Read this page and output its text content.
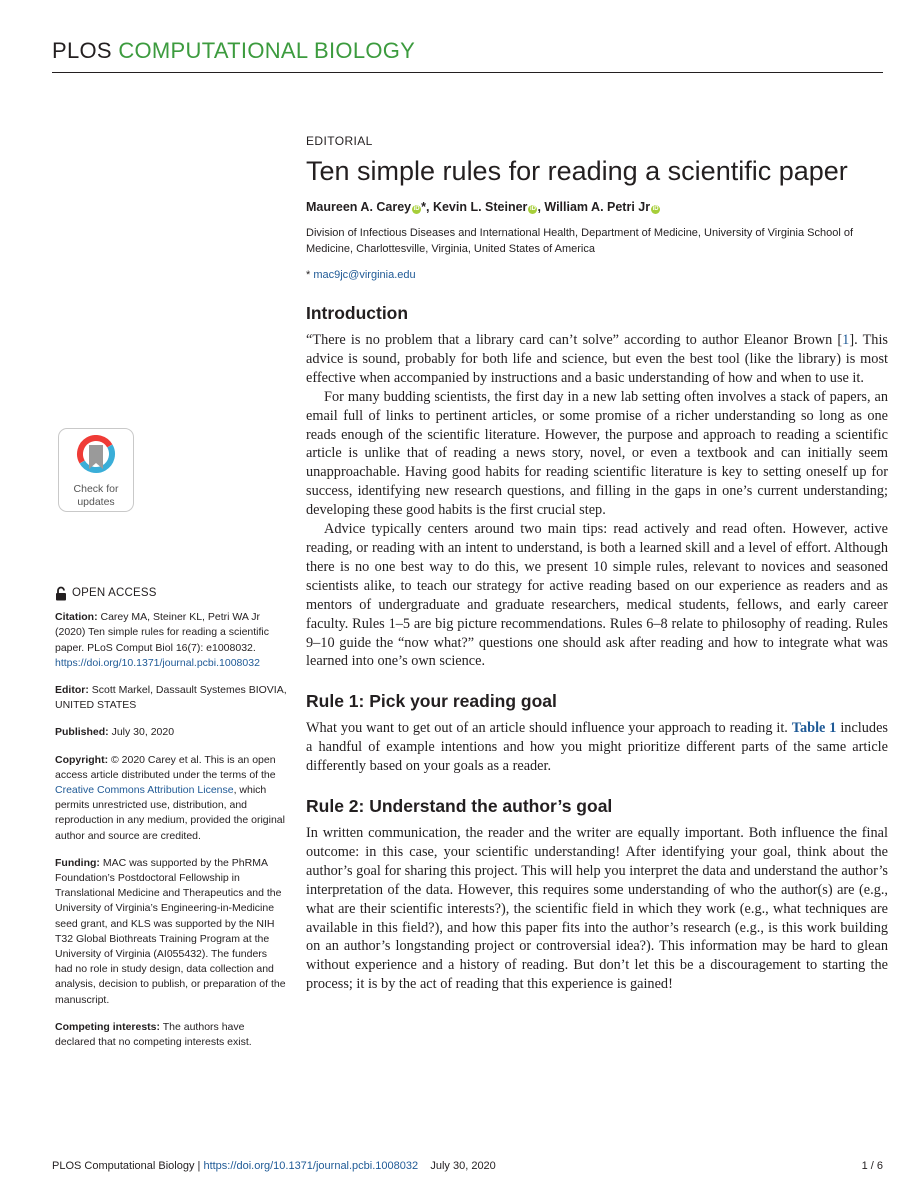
PLOS COMPUTATIONAL BIOLOGY
EDITORIAL
Ten simple rules for reading a scientific paper
Maureen A. Carey iD *, Kevin L. Steiner iD , William A. Petri Jr iD
Division of Infectious Diseases and International Health, Department of Medicine, University of Virginia School of Medicine, Charlottesville, Virginia, United States of America
* mac9jc@virginia.edu
Introduction

“There is no problem that a library card can’t solve” according to author Eleanor Brown [1]. This advice is sound, probably for both life and science, but even the best tool (like the library) is most effective when accompanied by instructions and a basic understanding of how and when to use it.

For many budding scientists, the first day in a new lab setting often involves a stack of papers, an email full of links to pertinent articles, or some promise of a richer understanding so long as one reads enough of the scientific literature. However, the purpose and approach to reading a scientific article is unlike that of reading a news story, novel, or even a textbook and can initially seem unapproachable. Having good habits for reading scientific literature is key to setting oneself up for success, identifying new research questions, and filling in the gaps in one’s current understanding; developing these good habits is the first crucial step.

Advice typically centers around two main tips: read actively and read often. However, active reading, or reading with an intent to understand, is both a learned skill and a level of effort. Although there is no one best way to do this, we present 10 simple rules, relevant to novices and seasoned scientists alike, to teach our strategy for active reading based on our experience as readers and as mentors of undergraduate and graduate researchers, medical students, fellows, and early career faculty. Rules 1–5 are big picture recommendations. Rules 6–8 relate to philosophy of reading. Rules 9–10 guide the “now what?” questions one should ask after reading and how to integrate what was learned into one’s own science.

Rule 1: Pick your reading goal

What you want to get out of an article should influence your approach to reading it. Table 1 includes a handful of example intentions and how you might prioritize different parts of the same article differently based on your goals as a reader.

Rule 2: Understand the author’s goal

In written communication, the reader and the writer are equally important. Both influence the final outcome: in this case, your scientific understanding! After identifying your goal, think about the author’s goal for sharing this project. This will help you interpret the data and understand the author’s interpretation of the data. However, this requires some understanding of who the author(s) are (e.g., what are their scientific interests?), the scientific field in which they work (e.g., what techniques are available in this field?), and how this paper fits into the author’s research (e.g., is this work building on an author’s longstanding project or controversial idea?). This information may be hard to glean without experience and a history of reading. But don’t let this be a discouragement to starting the process; it is by the act of reading that this experience is gained!

Check for
updates
OPEN ACCESS
Citation: Carey MA, Steiner KL, Petri WA Jr (2020) Ten simple rules for reading a scientific paper. PLoS Comput Biol 16(7): e1008032. https://doi.org/10.1371/journal.pcbi.1008032
Editor: Scott Markel, Dassault Systemes BIOVIA, UNITED STATES
Published: July 30, 2020
Copyright: © 2020 Carey et al. This is an open access article distributed under the terms of the Creative Commons Attribution License, which permits unrestricted use, distribution, and reproduction in any medium, provided the original author and source are credited.
Funding: MAC was supported by the PhRMA Foundation’s Postdoctoral Fellowship in Translational Medicine and Therapeutics and the University of Virginia’s Engineering-in-Medicine seed grant, and KLS was supported by the NIH T32 Global Biothreats Training Program at the University of Virginia (AI055432). The funders had no role in study design, data collection and analysis, decision to publish, or preparation of the manuscript.
Competing interests: The authors have declared that no competing interests exist.
PLOS Computational Biology | https://doi.org/10.1371/journal.pcbi.1008032 July 30, 2020	1 / 6
